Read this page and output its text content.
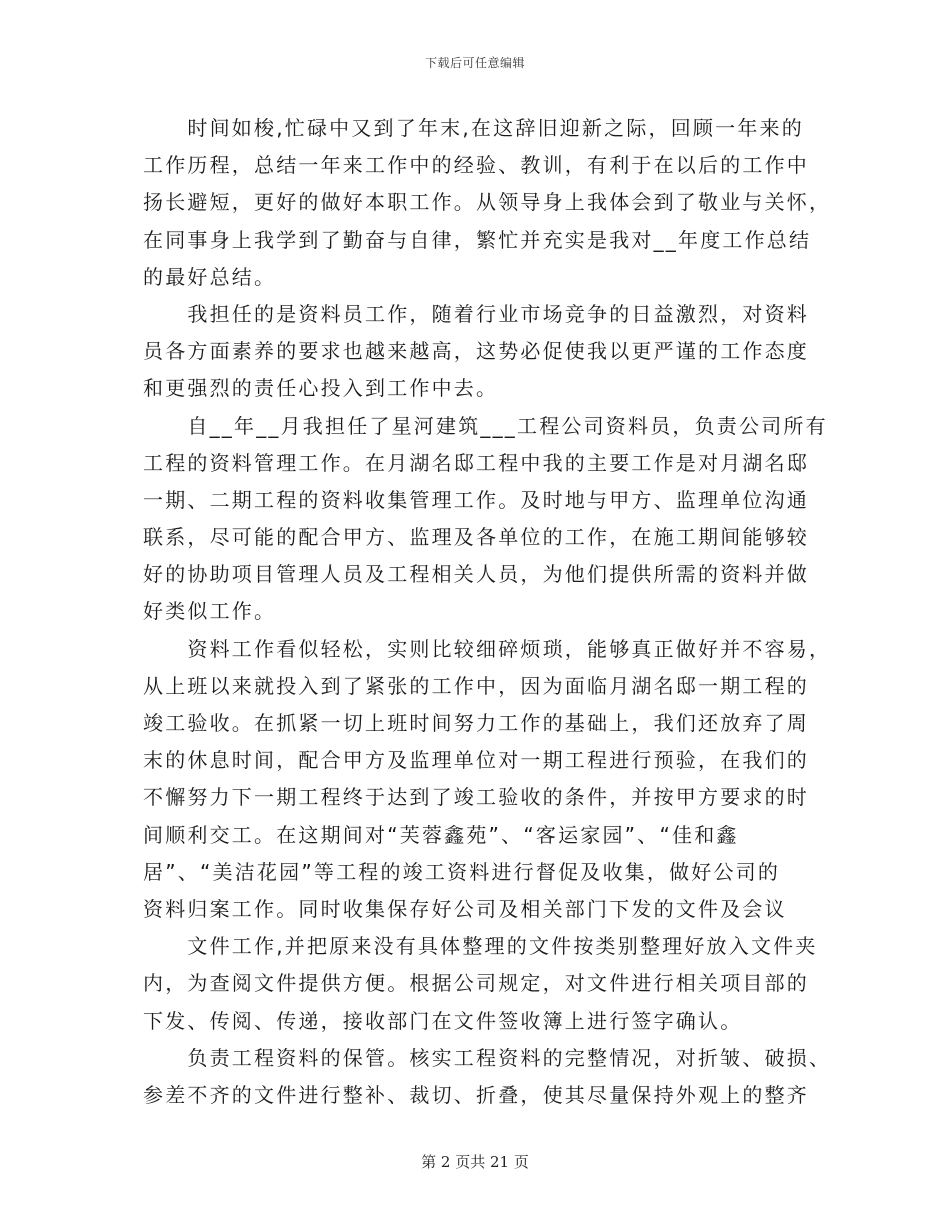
下载后可任意编辑
　　时间如梭,忙碌中又到了年末,在这辞旧迎新之际，回顾一年来的
工作历程，总结一年来工作中的经验、教训，有利于在以后的工作中
扬长避短，更好的做好本职工作。从领导身上我体会到了敬业与关怀，
在同事身上我学到了勤奋与自律，繁忙并充实是我对__年度工作总结
的最好总结。
　　我担任的是资料员工作，随着行业市场竞争的日益激烈，对资料
员各方面素养的要求也越来越高，这势必促使我以更严谨的工作态度
和更强烈的责任心投入到工作中去。
　　自__年__月我担任了星河建筑___工程公司资料员，负责公司所有
工程的资料管理工作。在月湖名邸工程中我的主要工作是对月湖名邸
一期、二期工程的资料收集管理工作。及时地与甲方、监理单位沟通
联系，尽可能的配合甲方、监理及各单位的工作，在施工期间能够较
好的协助项目管理人员及工程相关人员，为他们提供所需的资料并做
好类似工作。
　　资料工作看似轻松，实则比较细碎烦琐，能够真正做好并不容易，
从上班以来就投入到了紧张的工作中，因为面临月湖名邸一期工程的
竣工验收。在抓紧一切上班时间努力工作的基础上，我们还放弃了周
末的休息时间，配合甲方及监理单位对一期工程进行预验，在我们的
不懈努力下一期工程终于达到了竣工验收的条件，并按甲方要求的时
间顺利交工。在这期间对“芙蓉鑫苑”、“客运家园”、“佳和鑫
居”、“美洁花园”等工程的竣工资料进行督促及收集，做好公司的
资料归案工作。同时收集保存好公司及相关部门下发的文件及会议
　　文件工作,并把原来没有具体整理的文件按类别整理好放入文件夹
内，为查阅文件提供方便。根据公司规定，对文件进行相关项目部的
下发、传阅、传递，接收部门在文件签收簿上进行签字确认。
　　负责工程资料的保管。核实工程资料的完整情况，对折皱、破损、
参差不齐的文件进行整补、裁切、折叠，使其尽量保持外观上的整齐
第 2 页共 21 页
